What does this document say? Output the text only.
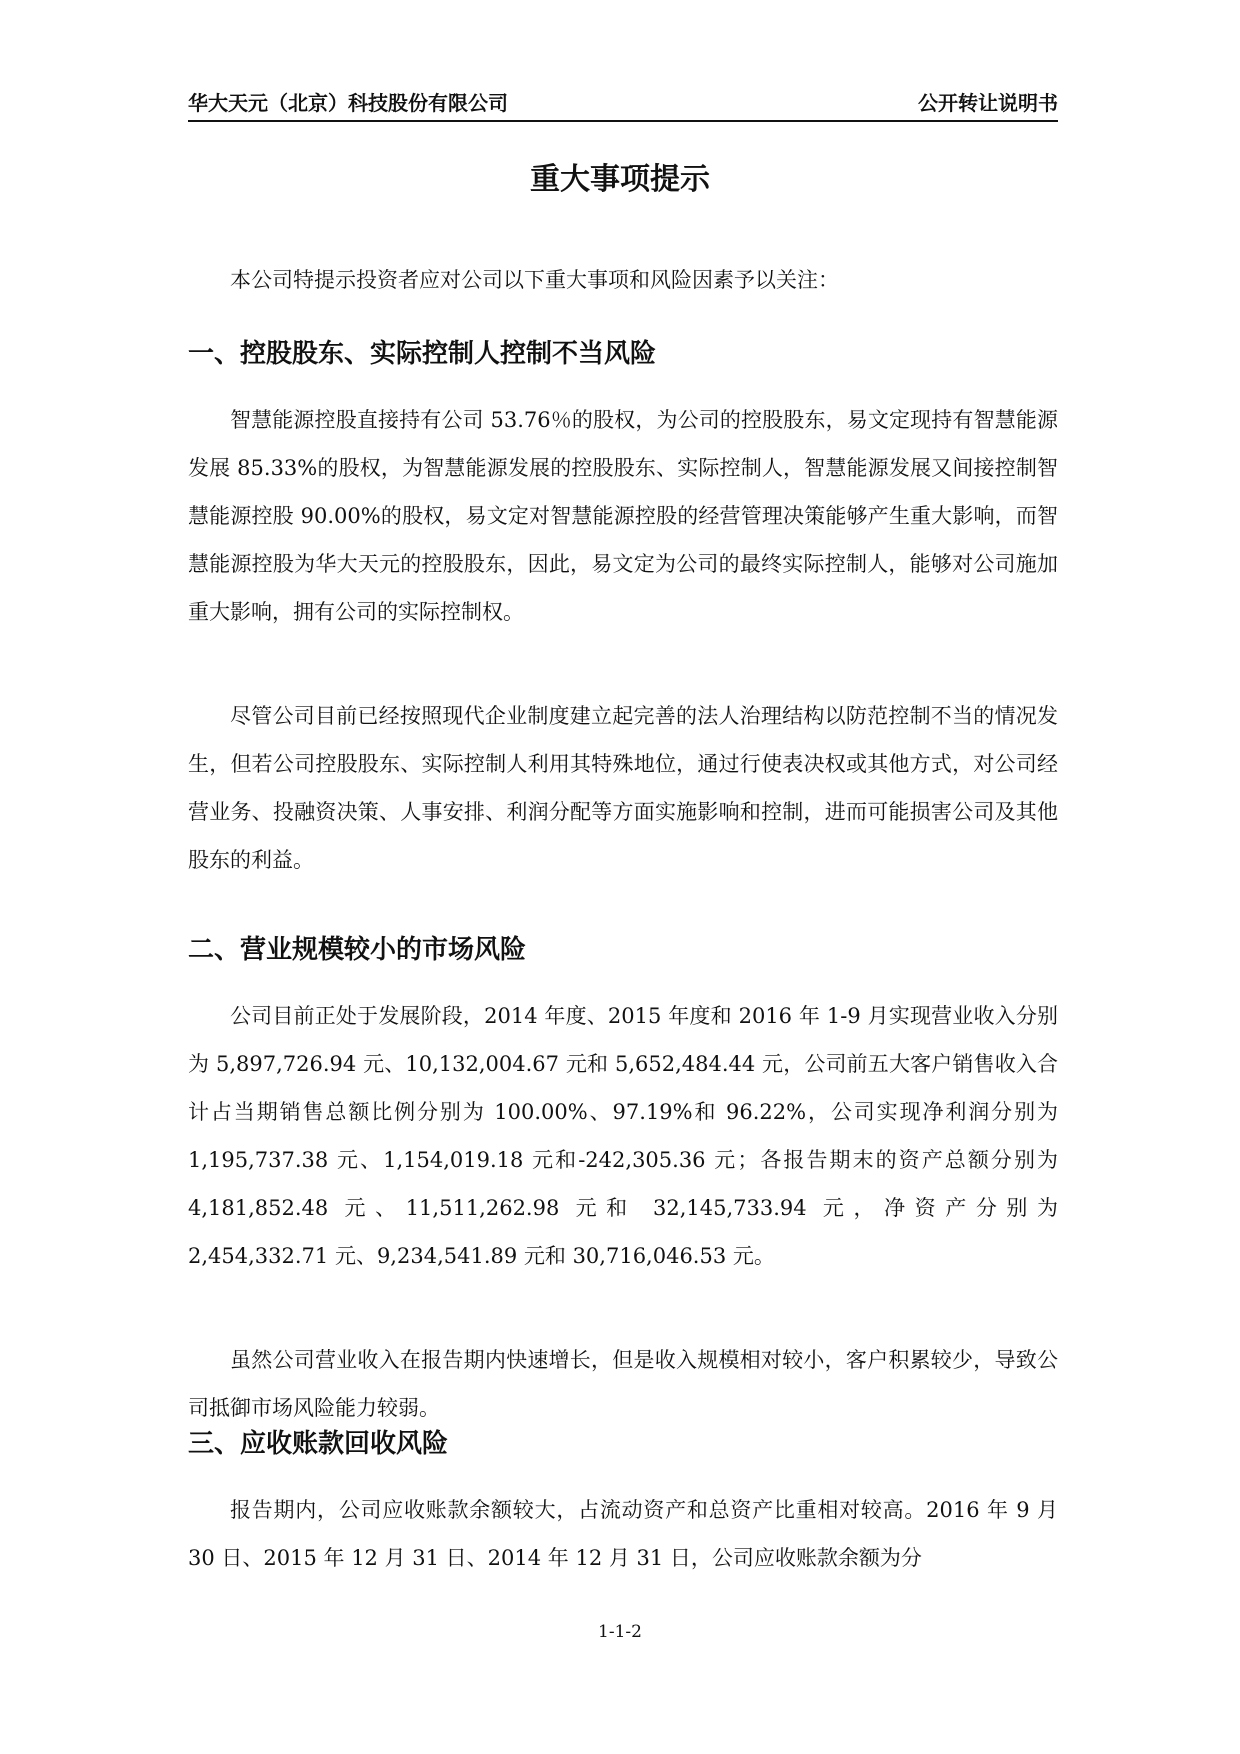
华大天元（北京）科技股份有限公司	公开转让说明书
重大事项提示

本公司特提示投资者应对公司以下重大事项和风险因素予以关注：

一、控股股东、实际控制人控制不当风险

智慧能源控股直接持有公司 53.76％的股权，为公司的控股股东，易文定现持有智慧能源发展 85.33%的股权，为智慧能源发展的控股股东、实际控制人，智慧能源发展又间接控制智慧能源控股 90.00%的股权，易文定对智慧能源控股的经营管理决策能够产生重大影响，而智慧能源控股为华大天元的控股股东，因此，易文定为公司的最终实际控制人，能够对公司施加重大影响，拥有公司的实际控制权。

尽管公司目前已经按照现代企业制度建立起完善的法人治理结构以防范控制不当的情况发生，但若公司控股股东、实际控制人利用其特殊地位，通过行使表决权或其他方式，对公司经营业务、投融资决策、人事安排、利润分配等方面实施影响和控制，进而可能损害公司及其他股东的利益。

二、营业规模较小的市场风险

公司目前正处于发展阶段，2014 年度、2015 年度和 2016 年 1-9 月实现营业收入分别为 5,897,726.94 元、10,132,004.67 元和 5,652,484.44 元，公司前五大客户销售收入合计占当期销售总额比例分别为 100.00%、97.19%和 96.22%，公司实现净利润分别为 1,195,737.38 元、1,154,019.18 元和-242,305.36 元；各报告期末的资产总额分别为 4,181,852.48 元、11,511,262.98 元和 32,145,733.94 元，净资产分别为 2,454,332.71 元、9,234,541.89 元和 30,716,046.53 元。

虽然公司营业收入在报告期内快速增长，但是收入规模相对较小，客户积累较少，导致公司抵御市场风险能力较弱。

三、应收账款回收风险

报告期内，公司应收账款余额较大，占流动资产和总资产比重相对较高。2016 年 9 月 30 日、2015 年 12 月 31 日、2014 年 12 月 31 日，公司应收账款余额为分

1-1-2
